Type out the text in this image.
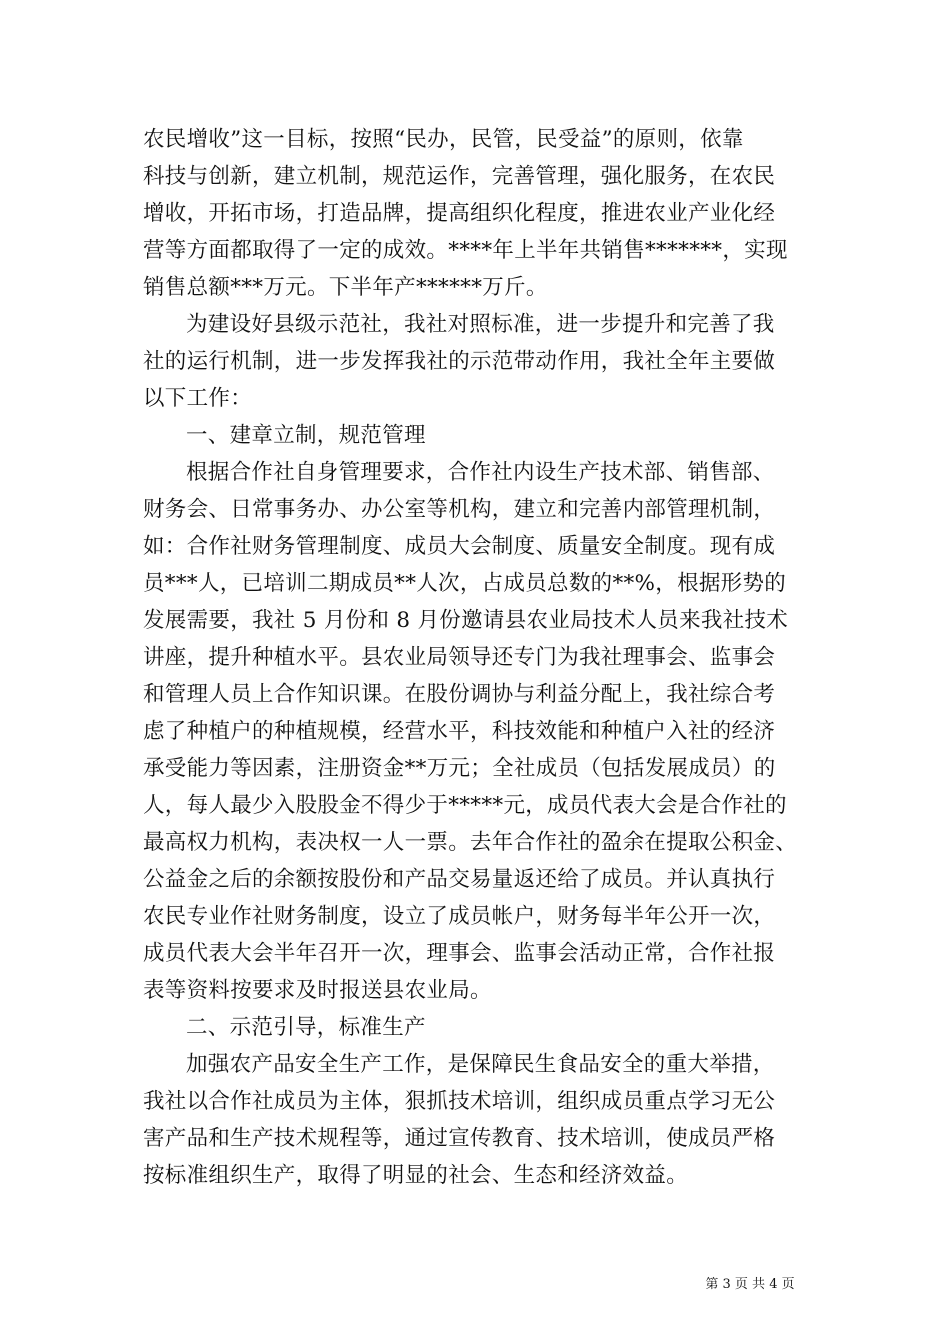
农民增收”这一目标，按照“民办，民管，民受益”的原则，依靠
科技与创新，建立机制，规范运作，完善管理，强化服务，在农民
增收，开拓市场，打造品牌，提高组织化程度，推进农业产业化经
营等方面都取得了一定的成效。****年上半年共销售*******，实现
销售总额***万元。下半年产******万斤。
为建设好县级示范社，我社对照标准，进一步提升和完善了我
社的运行机制，进一步发挥我社的示范带动作用，我社全年主要做
以下工作：
一、建章立制，规范管理
根据合作社自身管理要求，合作社内设生产技术部、销售部、
财务会、日常事务办、办公室等机构，建立和完善内部管理机制，
如：合作社财务管理制度、成员大会制度、质量安全制度。现有成
员***人，已培训二期成员**人次，占成员总数的**%，根据形势的
发展需要，我社 5 月份和 8 月份邀请县农业局技术人员来我社技术
讲座，提升种植水平。县农业局领导还专门为我社理事会、监事会
和管理人员上合作知识课。在股份调协与利益分配上，我社综合考
虑了种植户的种植规模，经营水平，科技效能和种植户入社的经济
承受能力等因素，注册资金**万元；全社成员（包括发展成员）的
人，每人最少入股股金不得少于*****元，成员代表大会是合作社的
最高权力机构，表决权一人一票。去年合作社的盈余在提取公积金、
公益金之后的余额按股份和产品交易量返还给了成员。并认真执行
农民专业作社财务制度，设立了成员帐户，财务每半年公开一次，
成员代表大会半年召开一次，理事会、监事会活动正常，合作社报
表等资料按要求及时报送县农业局。
二、示范引导，标准生产
加强农产品安全生产工作，是保障民生食品安全的重大举措，
我社以合作社成员为主体，狠抓技术培训，组织成员重点学习无公
害产品和生产技术规程等，通过宣传教育、技术培训，使成员严格
按标准组织生产，取得了明显的社会、生态和经济效益。
第 3 页 共 4 页
